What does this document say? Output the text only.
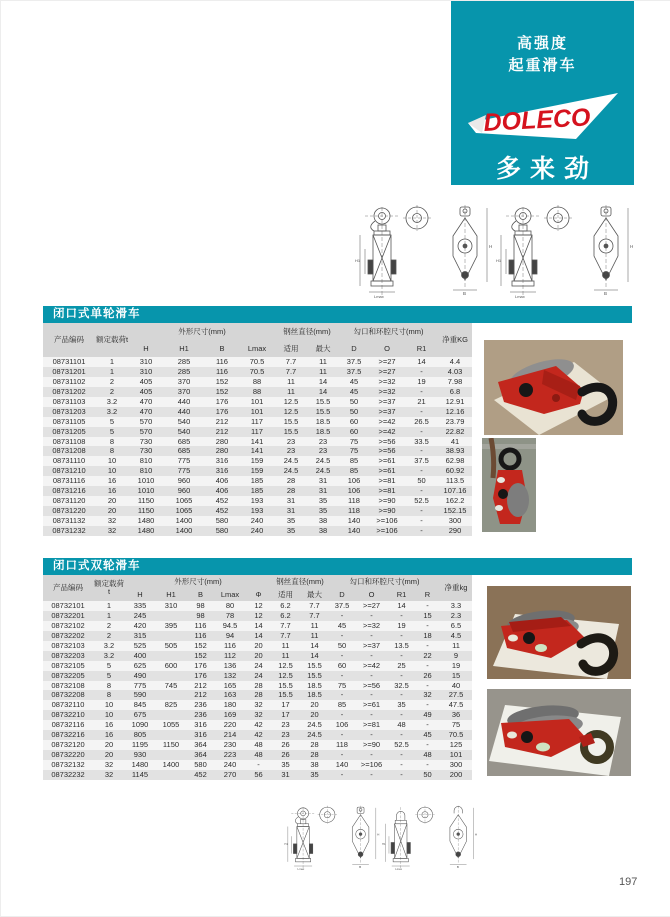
高强度
起重滑车
DOLECO
多来劲
闭口式单轮滑车
产品编码	额定载荷t	外形尺寸(mm)				钢丝直径(mm)		勾口和环腔尺寸(mm)			净重KG
		H	H1	B	Lmax	适用	最大	D	O	R1	
08731101	1	310	285	116	70.5	7.7	11	37.5	>=27	14	4.4
08731201	1	310	285	116	70.5	7.7	11	37.5	>=27	-	4.03
08731102	2	405	370	152	88	11	14	45	>=32	19	7.98
08731202	2	405	370	152	88	11	14	45	>=32	-	6.8
08731103	3.2	470	440	176	101	12.5	15.5	50	>=37	21	12.91
08731203	3.2	470	440	176	101	12.5	15.5	50	>=37	-	12.16
08731105	5	570	540	212	117	15.5	18.5	60	>=42	26.5	23.79
08731205	5	570	540	212	117	15.5	18.5	60	>=42	-	22.82
08731108	8	730	685	280	141	23	23	75	>=56	33.5	41
08731208	8	730	685	280	141	23	23	75	>=56	-	38.93
08731110	10	810	775	316	159	24.5	24.5	85	>=61	37.5	62.98
08731210	10	810	775	316	159	24.5	24.5	85	>=61	-	60.92
08731116	16	1010	960	406	185	28	31	106	>=81	50	113.5
08731216	16	1010	960	406	185	28	31	106	>=81	-	107.16
08731120	20	1150	1065	452	193	31	35	118	>=90	52.5	162.2
08731220	20	1150	1065	452	193	31	35	118	>=90	-	152.15
08731132	32	1480	1400	580	240	35	38	140	>=106	-	300
08731232	32	1480	1400	580	240	35	38	140	>=106	-	290
闭口式双轮滑车
产品编码	额定载荷t	外形尺寸(mm)					钢丝直径(mm)		勾口和环腔尺寸(mm)				净重kg
		H	H1	B	Lmax	Φ	适用	最大	D	O	R1	R	
08732101	1	335	310	98	80	12	6.2	7.7	37.5	>=27	14	-	3.3
08732201	1	245		98	78	12	6.2	7.7	-	-	-	15	2.3
08732102	2	420	395	116	94.5	14	7.7	11	45	>=32	19	-	6.5
08732202	2	315		116	94	14	7.7	11	-	-	-	18	4.5
08732103	3.2	525	505	152	116	20	11	14	50	>=37	13.5	-	11
08732203	3.2	400		152	112	20	11	14	-	-	-	22	9
08732105	5	625	600	176	136	24	12.5	15.5	60	>=42	25	-	19
08732205	5	490		176	132	24	12.5	15.5	-	-	-	26	15
08732108	8	775	745	212	165	28	15.5	18.5	75	>=56	32.5	-	40
08732208	8	590		212	163	28	15.5	18.5	-	-	-	32	27.5
08732110	10	845	825	236	180	32	17	20	85	>=61	35	-	47.5
08732210	10	675		236	169	32	17	20	-	-	-	49	36
08732116	16	1090	1055	316	220	42	23	24.5	106	>=81	48	-	75
08732216	16	805		316	214	42	23	24.5	-	-	-	45	70.5
08732120	20	1195	1150	364	230	48	26	28	118	>=90	52.5	-	125
08732220	20	930		364	223	48	26	28	-	-	-	48	101
08732132	32	1480	1400	580	240	-	35	38	140	>=106	-	-	300
08732232	32	1145		452	270	56	31	35	-	-	-	50	200
197
